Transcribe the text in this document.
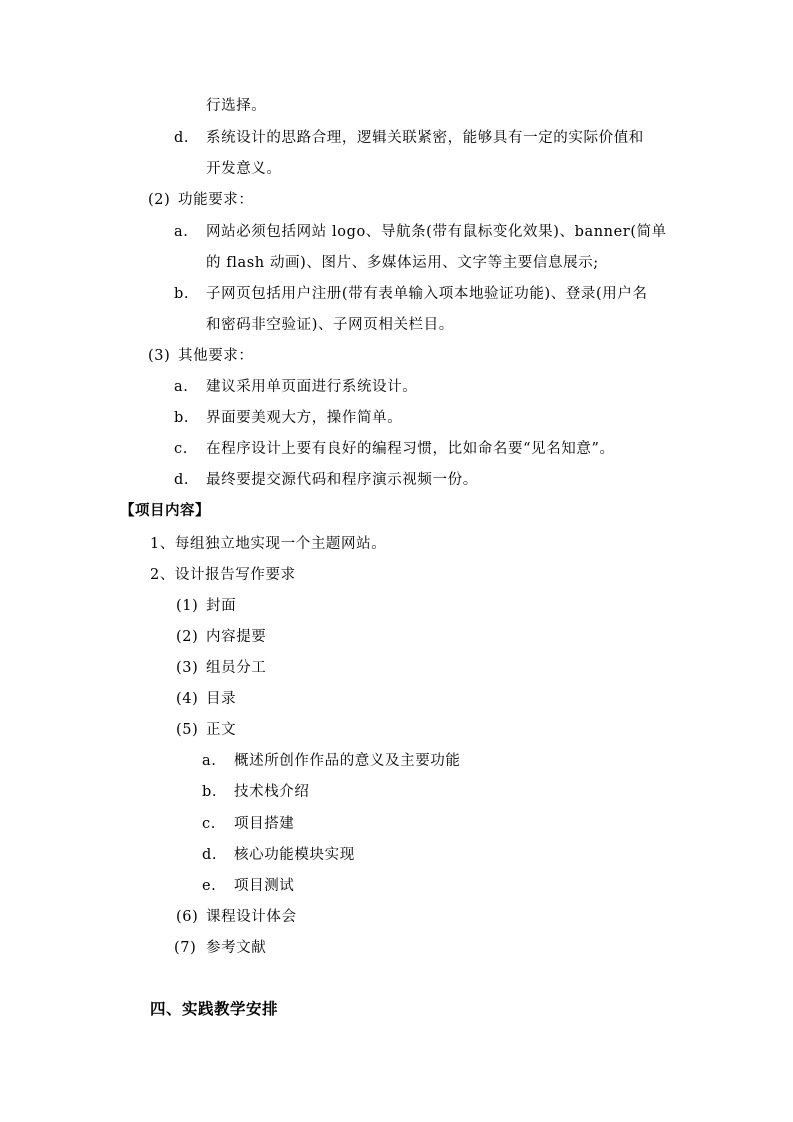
行选择。
d. 系统设计的思路合理，逻辑关联紧密，能够具有一定的实际价值和
开发意义。
(2) 功能要求：
a. 网站必须包括网站 logo、导航条(带有鼠标变化效果)、banner(简单
的 flash 动画)、图片、多媒体运用、文字等主要信息展示;
b. 子网页包括用户注册(带有表单输入项本地验证功能)、登录(用户名
和密码非空验证)、子网页相关栏目。
(3) 其他要求：
a. 建议采用单页面进行系统设计。
b. 界面要美观大方，操作简单。
c. 在程序设计上要有良好的编程习惯，比如命名要“见名知意”。
d. 最终要提交源代码和程序演示视频一份。
【项目内容】
1、每组独立地实现一个主题网站。
2、设计报告写作要求
(1) 封面
(2) 内容提要
(3) 组员分工
(4) 目录
(5) 正文
a. 概述所创作作品的意义及主要功能
b. 技术栈介绍
c. 项目搭建
d. 核心功能模块实现
e. 项目测试
(6) 课程设计体会
(7) 参考文献
四、实践教学安排
